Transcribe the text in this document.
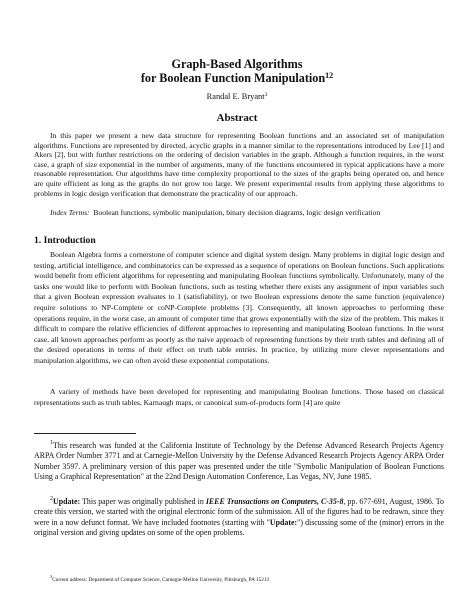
Graph-Based Algorithms
for Boolean Function Manipulation$^{12}$
Randal E. Bryant$^3$
Abstract

In this paper we present a new data structure for representing Boolean functions and an associated set of manipulation algorithms. Functions are represented by directed, acyclic graphs in a manner similar to the representations introduced by Lee [1] and Akers [2], but with further restrictions on the ordering of decision variables in the graph. Although a function requires, in the worst case, a graph of size exponential in the number of arguments, many of the functions encountered in typical applications have a more reasonable representation. Our algorithms have time complexity proportional to the sizes of the graphs being operated on, and hence are quite efficient as long as the graphs do not grow too large. We present experimental results from applying these algorithms to problems in logic design verification that demonstrate the practicality of our approach.

Index Terms: Boolean functions, symbolic manipulation, binary decision diagrams, logic design verification

1. Introduction

Boolean Algebra forms a cornerstone of computer science and digital system design. Many problems in digital logic design and testing, artificial intelligence, and combinatorics can be expressed as a sequence of operations on Boolean functions. Such applications would benefit from efficient algorithms for representing and manipulating Boolean functions symbolically. Unfortunately, many of the tasks one would like to perform with Boolean functions, such as testing whether there exists any assignment of input variables such that a given Boolean expression evaluates to 1 (satisfiability), or two Boolean expressions denote the same function (equivalence) require solutions to NP-Complete or coNP-Complete problems [3]. Consequently, all known approaches to performing these operations require, in the worst case, an amount of computer time that grows exponentially with the size of the problem. This makes it difficult to compare the relative efficiencies of different approaches to representing and manipulating Boolean functions. In the worst case, all known approaches perform as poorly as the naive approach of representing functions by their truth tables and defining all of the desired operations in terms of their effect on truth table entries. In practice, by utilizing more clever representations and manipulation algorithms, we can often avoid these exponential computations.

A variety of methods have been developed for representing and manipulating Boolean functions. Those based on classical representations such as truth tables, Karnaugh maps, or canonical sum-of-products form [4] are quite

$^1$This research was funded at the California Institute of Technology by the Defense Advanced Research Projects Agency ARPA Order Number 3771 and at Carnegie-Mellon University by the Defense Advanced Research Projects Agency ARPA Order Number 3597. A preliminary version of this paper was presented under the title "Symbolic Manipulation of Boolean Functions Using a Graphical Representation" at the 22nd Design Automation Conference, Las Vegas, NV, June 1985.

$^2$Update: This paper was originally published in IEEE Transactions on Computers, C-35-8, pp. 677-691, August, 1986. To create this version, we started with the original electronic form of the submission. All of the figures had to be redrawn, since they were in a now defunct format. We have included footnotes (starting with "Update:") discussing some of the (minor) errors in the original version and giving updates on some of the open problems.

$^3$Current address: Department of Computer Science, Carnegie-Mellon University, Pittsburgh, PA 15213
